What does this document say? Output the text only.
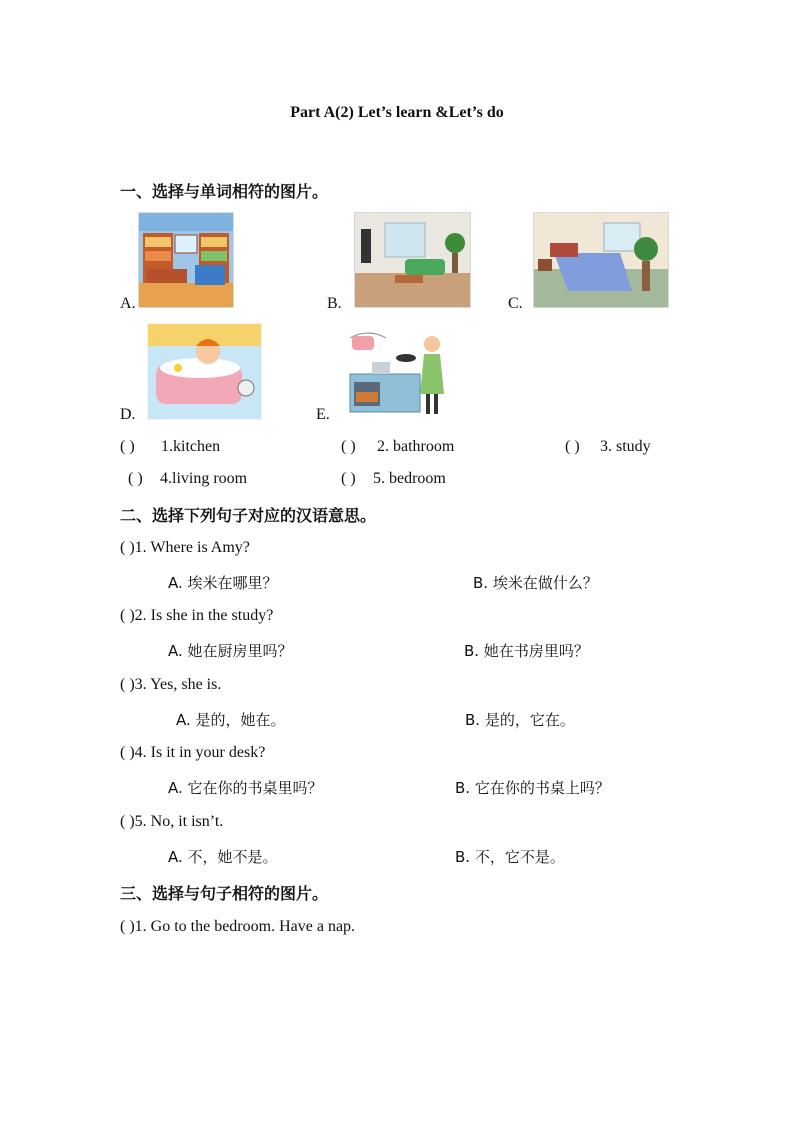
Part A(2) Let’s learn &Let’s do
一、选择与单词相符的图片。
A.	B.	C.
D.	E.
( ) 1.kitchen	( ) 2. bathroom	( ) 3. study
( ) 4.living room	( ) 5. bedroom
二、选择下列句子对应的汉语意思。
( )1. Where is Amy?
A. 埃米在哪里？	B. 埃米在做什么？
( )2. Is she in the study?
A. 她在厨房里吗？	B. 她在书房里吗？
( )3. Yes, she is.
A. 是的，她在。	B. 是的，它在。
( )4. Is it in your desk?
A. 它在你的书桌里吗？	B. 它在你的书桌上吗？
( )5. No, it isn’t.
A. 不，她不是。	B. 不，它不是。
三、选择与句子相符的图片。
( )1. Go to the bedroom. Have a nap.
